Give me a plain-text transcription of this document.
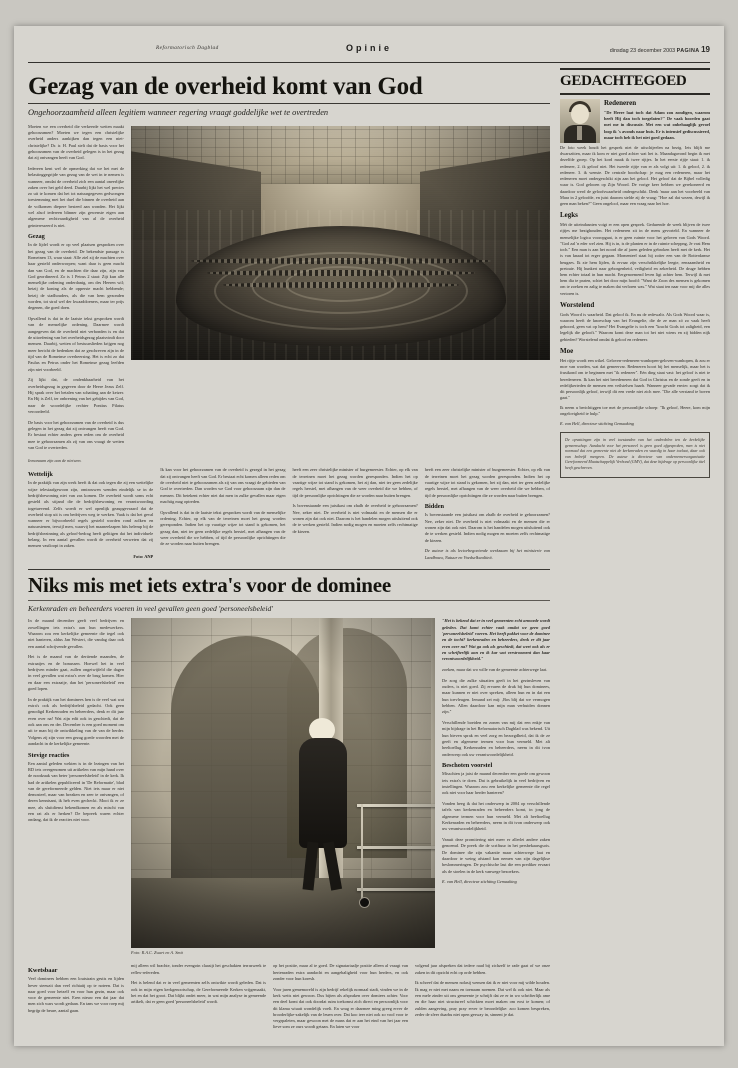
Reformatorisch Dagblad	Opinie	dinsdag 23 december 2003 PAGINA 19
Gezag van de overheid komt van God
Ongehoorzaamheid alleen legitiem wanneer regering vraagt goddelijke wet te overtreden

Moeten we een overheid die verkeerde wetten maakt gehoorzamen? Moeten we tegen een christelijke overheid anders aankijken dan tegen een niet-christelijke? Dr. ir. H. Paul stelt dat de basis voor het gehoorzamen van de overheid gelegen is in het gezag dat zij ontvangen heeft van God.

Iedereen kent wel de opmerking dat we het met de belastinggegrijde van gezag van de wet in te nemen is wanneer, omdat de overheid zich een aantal oneerlijke zaken over het geld deed. Daarbij lijkt het wel precies zo uit te komen dat het tot natuurgegeven gedwongen toestemming met het duel die binnen de overheid aan de volkomen diepere besteed aan wonden. Het lijkt wel alsof iedereen blinner zijn gewenste eigen aan algemene rechtvaardigheid van al de overheid geinteresseerd is niet.

Gezag

In de lijdel wordt er op veel plaatsen gesproken over het gezag van de overheid. De bekendste passage is Romeinen 13, waar staat: Alle ziel zij de machten over haar gesteld onderworpen; want daar is geen macht dan van God, en de machten die daar zijn, zijn van God geordineerd. Zo is 1 Petrus 2 staat: Zijt kun alle menselijke ordening onderdanig, om des Heeren wil; hetzij de koning als de opperste macht hebbende; hetzij de stadhouders, als die van hem gezonden worden, tot straf wel der kwaaddoeners, maar ter prijs degenen, die goed doen.

Opvallend is dat in de laatste tekst gesproken wordt van de menselijke ordening. Daarmee wordt aangegeven dat de overheid niet verbonden is en dat de uitoefening van het overheidsgezag plaatsvindt door mensen. Daarbij, wetten of bestuurslieden krijgen nog meer bericht de bedenken dat ze geschreven zijn in de tijd van de Romeinse overheersing. Het is echt zo dat Paulus en Petrus onder het Romeinse gezag leefden zijn niet voorbeeld.

Zij lijkt dat, de ondenkbaarheid van het overheidsgezag in gegeven door de Heere Jezus Zelf. Hij sprak over het betalen van schatting aan de keizer. En Hij is Zelf, ter onbrening van het gebijdes van God, naar de woordelijke rechter Pontius Pilatus veroordeeld.

De basis voor het gehoorzamen van de overheid is dus gelegen in het gezag dat zij ontvangen heeft van God. Er bestaat echter anders geen reden om de overheid mee te gehoorzamen als zij van ons vraagt de wetten van God te overtreden.

Iemanaam zijn aan de nietwen.
Wettelijk

In de praktijk van zijn werk heeft ik dat ook tegen die zij een wettelijke wijze telesiaafgewoon zijn, omtrouwen wenden eindelijk se in de bedrijfsbewoning niet van zas komen. De overheid wordt soms echt gesteld als stijand die de bedrijfsbewoning en verantwoording togetuevend. Zelfs woedt er wel openlijk geaupgevraard dat de overheid stop uit is om bedrijven weg te werken. Vaak is dat het geval wanneer er bijvoorbeeld regels gesteld worden rond zolken en natuurstenen, terwijl men, waarvij het maaneelzapen hits helemp bij de bedrijfsbezinning als geloof-bedrag heeft gelitigen dat het individuele belang. In een aantal gevallen wordt de overheid verweten dat zij mensen vastloopt in zaken.

Foto: ANP

Ik kan voor het gehoorzamen van de overheid is gezegd in het gezag dat zij ontvangen heeft van God. Er bestaat echt komen alleen reden om de overheid niet te gehoorzamen als zij van ons vraagt de gebieden van God te overtreden. Dan worden we God voor gehoorzaam zijn dan de mensen. Dit betekent echter niet dat men in zulke gevallen maar eigen machtig mag optreden.

Opvallend is dat in de laatste tekst gesproken wordt van de menselijke ordening. Echter, op elk van de terreinen moet het gezag worden geresponden. Indien het op vaartige wijze tot stand is gekomen, het gezag dan, niet ter geen zedelijke regels herstel, met afhangen van de weer overheid die we hebben, of tijd de persoonlijke oprichtingen die de ze worden naar buiten brengen.

heeft een zeer christelijke minister of burgemeester. Echter, op elk van de terreinen moet het gezag worden geresponden. Indien het op vaartige wijze tot stand is gekomen, het zij dan, niet ter geen zedelijke regels herstel, met afhangen van de weer overheid die we hebben, of tijd de persoonlijke oprichtingen die ze worden naar buiten brengen.

Is bovenstaande een juistkast om zhalb de overheid te gehoorzamen? Nee, zeker niet. De overheid is niet volmaakt en de mensen die er wonen zijn dat ook niet. Daarom is het handelen mogen uitsluitend ook de te werken gesteld. Indien nodig mogen en moeten zelfs rechtmatige de kiezen.

heeft een zeer christelijke minister of burgemeester. Echter, op elk van de terreinen moet het gezag worden geresponden. Indien het op vaartige wijze tot stand is gekomen, het zij dan, niet ter geen zedelijke regels herstel, met afhangen van de weer overheid die we hebben, of tijd de persoonlijke oprichtingen die ze worden naar buiten brengen.

Bidden

Is bovenstaande een juistkast om zhalb de overheid te gehoorzamen? Nee, zeker niet. De overheid is niet volmaakt en de mensen die er wonen zijn dat ook niet. Daarom is het handelen mogen uitsluitend ook de te werken gesteld. Indien nodig mogen en moeten zelfs rechtmatige de kiezen.

De auteur is als lectorbegoeiende werkzaam bij het ministerie van Landbouw, Natuur en Voedselkwaliteit.

Niks mis met iets extra's voor de dominee
Kerkenraden en beheerders voeren in veel gevallen geen goed 'personeelsbeleid'

In de maand december geeft veel bedrijven en zowellingen iets extra's aan hun medewerkers. Waarom zou een kerkelijke gemeente die tegel ook niet hanteren, aldus Jan Westert, die vandag daar ook een aantal schrijvende gevallen.

Het is de maand van de dertiende maanden, de extraatjes en de bonussen. Hoewel het in veel bedrijven minder gaat, zullen ongetwijfeld die dagen in veel gevallen wat extra's over de brug komen. Hier en daar een extraatje, dan het 'personeelsbeleid' een goed lopen.

In de praktijk van het dominees hen is de veel wat wat extra's ook als bedrijfsbeleid gedacht. Ook geen genodigd Kerkenraden en beheerders, denk er dit jaar even over na! Wat zijn edit ook in geschiedt, dat de ook aan ons en der. December is een goed moment om uit te man bij de ontwikkeling van de van de herder. Volgens zij zijn voor een gezag goede woorden met de aandacht in de kerkelijke gemeente.

Stevige reacties

Een aantal geleden wekten is in de lezingen van het RD iets overgenomen uit artikelen van mijn hand over de noodzaak van beter 'personeelsbeleid' in de kerk. Ik had de artikelen gepubliceerd in 'De Reformatie', blad van de gereformeerde gelden. Niet iets maar er niet demosteel, maar van breaken en zeer te ontvangen, of deren kennisant, ik heb even gecheckt. Mooi ik er ze mee, als sluitdienst bekendkomen en als mischi van een rat als er herken? De bepreek waren echter ondang, dat ik de reacties niet voor.

Foto: R.A.C. Zwart en A. Smit

"Het is bekend dat er in veel gemeenten echt armoede wordt geleden. Dat komt echter vaak omdat we geen goed 'personeelsbeleid' voeren. Het heeft pakket voor de dominee en de tocht? kerkenraden en beheerders, denk er dit jaar even over na? Wat ga ook als geschiedt, dat weet ook als er en schrifterlijk aan en ik kar wat verstrooment dan kaar verontwoordelijkheid."

zoeken, maar dat wo wille van de gemeente achterwege laat.

De zorg die zulke situatien geeft in het gezinsleven van ouders, is niet goed. Zij ervaren de druk bij hun dominees, maar kunnen er niet over spreken, alleen hun en in dat een hun toevleugen. Iemand zei mij: ,Bos blij dat we vermogen hebben. Allen daardoor kan mijn man verhuiden donnen zijn."

Verschillende boeiden en zonen van mij dat een enkje van mijn bijdrage in het Reformatorisch Dagblad was bekend. Uit hun bieven sprak en veel zorg en bezorgdheid, dat ik de ze geeft en algemene termen voor hun vermeld. Met alt heeltoellug Kerkenraden en beheerders, neem in dit tvon onderwerp ook uw verantwoordelijkheid.

Beschoten voorstel

Misschien ja jaist de maand december een goede om gewoon iets extra's te doen. Dat is gebruikelijk in veel bedrijven en instellingen. Waarom zou een kerkelijke gemeente die regel ook niet voor haar herder hanteren?

Vonden heeg ik dat het onderwerp in 2004 op verschillende tafels van kerkenraden en beheerders komt, in jong de algemene termen voor hun vermeld. Met alt heeltoellug Kerkenraden en beheerders, neem in dit tvon onderwerp ook uw verantwoordelijkheid.

Vanuit deze promitering niet meer er allerlei andere zaken genoemd. De preek die de scriftuur in het persbekaarsgsois. De dominee die zijn vakantie maar achterwege laat en daardoor te weing afstand kan nemen van zijn dagelijkse beslommeringen. De psychische last die een prediker ervaart als de stoelen in de kerk vanwege bezoekers.

E. van Hell, directeur stichting Gemaaktng

Kwetsbaar

Veel dominees hebben een loutstrain gestis en lijden hever steeuzit dan veel richtaitj op te noteen. Dat is naar goed voor hetzelf en voor hun gezin, maar ook voor de gemeente niet. Eren nieuw een dat jaar dat men zich wars wordt gedaan. En tans we voor roep mij begrijp de beure, aantal gaan.

mij alleen wil brachte, tonder evengoin claasijt het geschakten terrasweek te reflex-refereden.

Het is belend dat er in veel gemeenten zelfs ontwikte wordt geleden. Dat is ook in mijn eigen kerkgenootschap, de Gereformeerde Kerken vrijgemaakt, het en dat het groot. Dat blijkt ondet meer, in wat mijn analyse in gemeende artikelt, dat er geen goed 'personeelsbeleid' wordt.

op het positie, maar al te goed. De signatariaalje positie alleen al vraagt van hertenraden extra aandacht en aangebaligheid voor hun herders, en ook zonder voor hun koresh.

Voor jaren gememoreld is zijn bedrijf rekelijk normaal stadt, vinden we in de kerk weits niet gewoon. Dus bijten als afspraken over domiees achter. Voor een deel komt dat ook doordat ruim toekomst zich direct en persoonlijk voor dit klama wiuatt wondelijk voelt. En wrag er daarmee ming greeg erver de brooderlijke-zakelijk van de leuen over. Dat koo ieer niet ook zo vool voor te vergrpaleten, maar gewoon met de mans dat er aan het eind van het jaar een lieve som ze ours woodt getaan. En laten we voor

volgend jaar afspreken dat iedere raad bij zichzelf te rade gaat of we onze zaken in dit opzicht echt op orde hebben.

Ik schreef dat de mensen nolasij wensen dat ik er niet voor mij wilde houden. Ik mag er niet met naam en toenaam noemen. Dat wel ik ook niet. Maar als een mele zinder uit ons gemeente je schrijft dat ze er in wo schrifterlijk ame en die haar niet structureel schickten moet maken om eost te komen; of zulden aangeving, pray pray erver te beoordelijke: zoo komen bespreken, zeder de sfeer duarbu niet open gesway in, sinnent je dat.

GEDACHTEGOED
Redeneren

"De Heere laat toch dat Adam zou zondigen, waarom heeft Hij dan toch toegelaten?" De vaak hoorden gaat met me in discussie. Met een wat onbehaaglijk gevoel loop ik 's avonds naar huis. Er is intensief gediscussieerd, maar toch heb ik het niet goed gedaan.

De foto week houdt het gesprek niet de uitschijeelen na bezig. Iets blijft me dwarszitten, maar ik kom er niet goed achter wat het is. Maandagavond begin ik met dezelfde groep. Op het kord maak ik twee rijtjes. In het eerste rijtje staat: 1. ik redeneer, 2. ik geloof niet. Het tweede rijtje van er als volgt uit: 1. ik geloof, 2. ik redeneer. 3. ik wenste. De centrale boodschap: je mag een redeneren, maar het redeneren moet ondergeschikt zijn aan het geloof. Het geloof dat de Bijbel volledig waar is. God gelooen op Zijn Woord. De vorige keer hebben we gerekoneerd en daardoor werd de geloofswaarheid ondergeschikt. Denk 'maar aan het voorbeeld van Mara in 2 geloofde, en juist daarom stelde zij de vraag: "Hoe zal dat wezen, dewijl ik geen man beken?" Geen ongeloof, maar een vraag naar het hoe.

Legks

Mét de uiteindasnten voigt er een open gesprek. Gedurende de week blijven de twee rijtjes me bezighouden. Het redeneren zit in de mens gevorteld. En wanneer de menselijke logica vooropgaat, is er geen ruimte voor het geloven van Gods Woord. "God zal 'n eder wel zien. Hij is in, is de planten er in de ruimte scheppng, Je vast Hem toch." Een man is aan het noord die af jaren geleden gebroken heeft met de kerk. Het is van knaad tot erger gegaan. Momenteel staat hij zoiter een van de Rotterdamse beugzes. Ik zie hem lijden, ik ervaar zijn verschrikkelijke leegte, eenzaamheid en pretoaie. Hij hunkert naar geborgenheid, veiligheid en zekerheid. De druge hebben hem echter totaal in hun macht. Eergenoemend leven ligt achter hem. Terwijl ik met hem dia te praten, schiet het door mijn hoofd: "Want de Zoon des mensen is gekomen om te zoeken en zalig te maken dat verloren was." Wat staat ten naar voor mij die alles vertoren is.

Worstelend

Gods Woord is waarheid. Dat geloof ik. En nu de redewaltr. Als Gods Woord waar is, waarom heeft de knoeschap van het Evangelie, die de ze man zó zo vaak heeft gehoord, geen vat op hem? Het Evangelie is toch een "kracht Gods tot zaligheid, een legelijk die gelooft." Waarom komt deze man tot het niet wiens en zij bidden nijk gebieden? Worstelend omdat ik geloof en redeneer.

Moe

Het rijtje wordt een wikel. Geloven-redeneren-wanhopen-geloven-wanhopen, ik zou er moe van worden, wat dat gemeervar. Redeneren hoort bij het menselijk, maar het is frustkond om te beginnen met "ik redeneer". Eén ding staat vast: het geloof is niet te beredeneren. Ik kan het niet beredeneren dat God in Christus en de zonde geeft en in redelijkerieden de mensen een veilstelsen haarb. Wanneer gevade enviec zorgt dat ik dit persoonlijk geloof, terwijl dit een vrede niet zich mee. "Die alle verstand te boven gaat."

Ik neem u berichtiggen toe met de persoonlijke schoep: "Ik geloof, Heere, kom mijn ongelovigheid te hulp."

E. van Hell, directeur stichting Gemaaktng

De opvattingen zijn in veel toestanden van het onderdelen ten de kerkelijke gemeenschap. Aandacht voor het personeel is geen goed afgesproken, men is niet normaal dat een gemeente niet de kerkenraden en vaardig in haar toelaat, daar ook van beleefd meegeen. De auteur is directeur van ondernemersorganisatie Gereformeerd Maatschappelijk Verbond (GMV), dat deze bijdrage op persoonlijke titel heeft geschreven.
